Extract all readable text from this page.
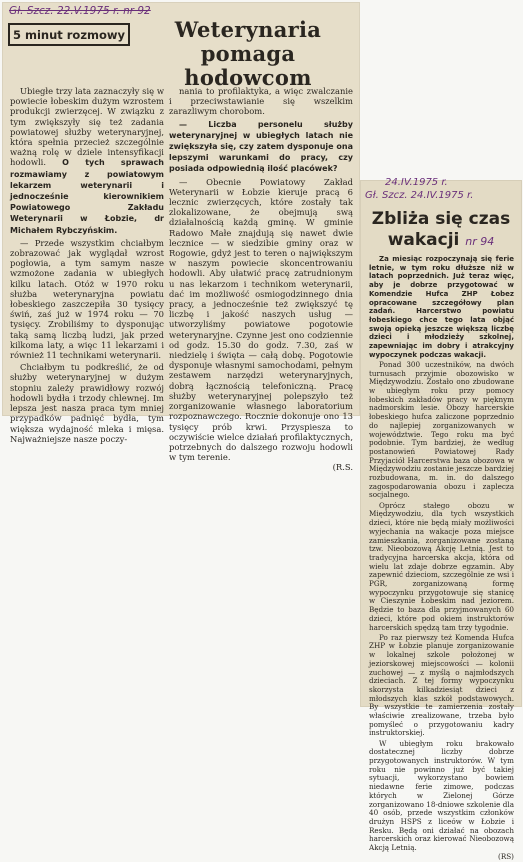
Gł. Szcz. 22.V.1975 r. nr 92
5 minut rozmowy	Weterynaria
pomaga hodowcom

Ubiegłe trzy lata zaznaczyły się w powiecie łobeskim dużym wzrostem produkcji zwierzęcej. W związku z tym zwiększyły się też zadania powiatowej służby weterynaryjnej, która spełnia przecież szczególnie ważną rolę w dziele intensyfikacji hodowli. O tych sprawach rozmawiamy z powiatowym lekarzem weterynarii i jednocześnie kierownikiem Powiatowego Zakładu Weterynarii w Łobzie, dr Michałem Rybczyńskim.

— Przede wszystkim chciałbym zobrazować jak wyglądał wzrost pogłowia, a tym samym nasze wzmożone zadania w ubiegłych kilku latach. Otóż w 1970 roku służba weterynaryjna powiatu łobeskiego zaszczepiła 30 tysięcy świń, zaś już w 1974 roku — 70 tysięcy. Zrobiliśmy to dysponując taką samą liczbą ludzi, jak przed kilkoma laty, a więc 11 lekarzami i również 11 technikami weterynarii.

Chciałbym tu podkreślić, że od służby weterynaryjnej w dużym stopniu zależy prawidłowy rozwój hodowli bydła i trzody chlewnej. Im lepsza jest nasza praca tym mniej przypadków padnięć bydła, tym większa wydajność mleka i mięsa. Najważniejsze nasze poczy-

nania to profilaktyka, a więc zwalczanie i przeciwstawianie się wszelkim zarazliwym chorobom.

— Liczba personelu służby weterynaryjnej w ubiegłych latach nie zwiększyła się, czy zatem dysponuje ona lepszymi warunkami do pracy, czy posiada odpowiednią ilość placówek?

— Obecnie Powiatowy Zakład Weterynarii w Łobzie kieruje pracą 6 lecznic zwierzęcych, które zostały tak zlokalizowane, że obejmują swą działalnością każdą gminę. W gminie Radowo Małe znajdują się nawet dwie lecznice — w siedzibie gminy oraz w Rogowie, gdyż jest to teren o największym w naszym powiecie skoncentrowaniu hodowli. Aby ułatwić pracę zatrudnionym u nas lekarzom i technikom weterynarii, dać im możliwość osmiogodzinnego dnia pracy, a jednocześnie też zwiększyć tę liczbę i jakość naszych usług — utworzyliśmy powiatowe pogotowie weterynaryjne. Czynne jest ono codziennie od godz. 15.30 do godz. 7.30, zaś w niedzielę i święta — całą dobę. Pogotowie dysponuje własnymi samochodami, pełnym zestawem narzędzi weterynaryjnych, dobrą łącznością telefoniczną. Pracę służby weterynaryjnej polepszyło też zorganizowanie własnego laboratorium rozpoznawczego. Rocznie dokonuje ono 13 tysięcy prób krwi. Przyspiesza to oczywiście wielce działań profilaktycznych, potrzebnych do dalszego rozwoju hodowli w tym terenie.

(R.S.
24.IV.1975 r.
Gł. Szcz. 24.IV.1975 r.
Zbliża się czas
wakacji nr 94

Za miesiąc rozpoczynają się ferie letnie, w tym roku dłuższe niż w latach poprzednich. Już teraz więc, aby je dobrze przygotować w Komendzie Hufca ZHP Łobez opracowane szczegółowy plan zadań. Harcerstwo powiatu łobeskiego chce tego lata objąć swoją opieką jeszcze większą liczbę dzieci i młodzieży szkolnej, zapewniając im dobry i atrakcyjny wypoczynek podczas wakacji.

Ponad 300 uczestników, na dwóch turnusach przyjmie obozowisko w Międzywodziu. Zostało ono zbudowane w ubiegłym roku przy pomocy łobeskich zakładów pracy w pięknym nadmorskim lesie. Obozy harcerskie łobeskiego hufca zaliczone poprzednio do najlepiej zorganizowanych w województwie. Tego roku ma być podobnie. Tym bardziej, że według postanowień Powiatowej Rady Przyjaciół Harcerstwa baza obozowa w Międzywodziu zostanie jeszcze bardziej rozbudowana, m. in. do dalszego zagospodarowania obozu i zaplecza socjalnego.

Oprócz stałego obozu w Międzywodziu, dla tych wszystkich dzieci, które nie będą miały możliwości wyjechania na wakacje poza miejsce zamieszkania, zorganizowane zostaną tzw. Nieobozową Akcję Letnią. Jest to tradycyjna harcerska akcja, która od wielu lat zdaje dobrze egzamin. Aby zapewnić dzieciom, szczególnie ze wsi i PGR, zorganizowaną formę wypoczynku przygotowuje się stanicę w Cieszynie Łobeskim nad jeziorem. Będzie to baza dla przyjmowanych 60 dzieci, które pod okiem instruktorów harcerskich spędzą tam trzy tygodnie.

Po raz pierwszy też Komenda Hufca ZHP w Łobzie planuje zorganizowanie w lokalnej szkole położonej w jeziorskowej miejscowości — kolonii zuchowej — z myślą o najmłodszych dzieciach. Z tej formy wypoczynku skorzysta kilkadziesiąt dzieci z młodszych klas szkół podstawowych. By wszystkie te zamierzenia zostały właściwie zrealizowane, trzeba było pomyśleć o przygotowaniu kadry instruktorskiej.

W ubiegłym roku brakowało dostatecznej liczby dobrze przygotowanych instruktorów. W tym roku nie powinno już być takiej sytuacji, wykorzystano bowiem niedawne ferie zimowe, podczas których w Zielonej Górze zorganizowano 18-dniowe szkolenie dla 40 osób, przede wszystkim członków drużyn HSPS z liceów w Łobzie i Resku. Będą oni działać na obozach harcerskich oraz kierować Nieobozową Akcją Letnią.

(RS)
